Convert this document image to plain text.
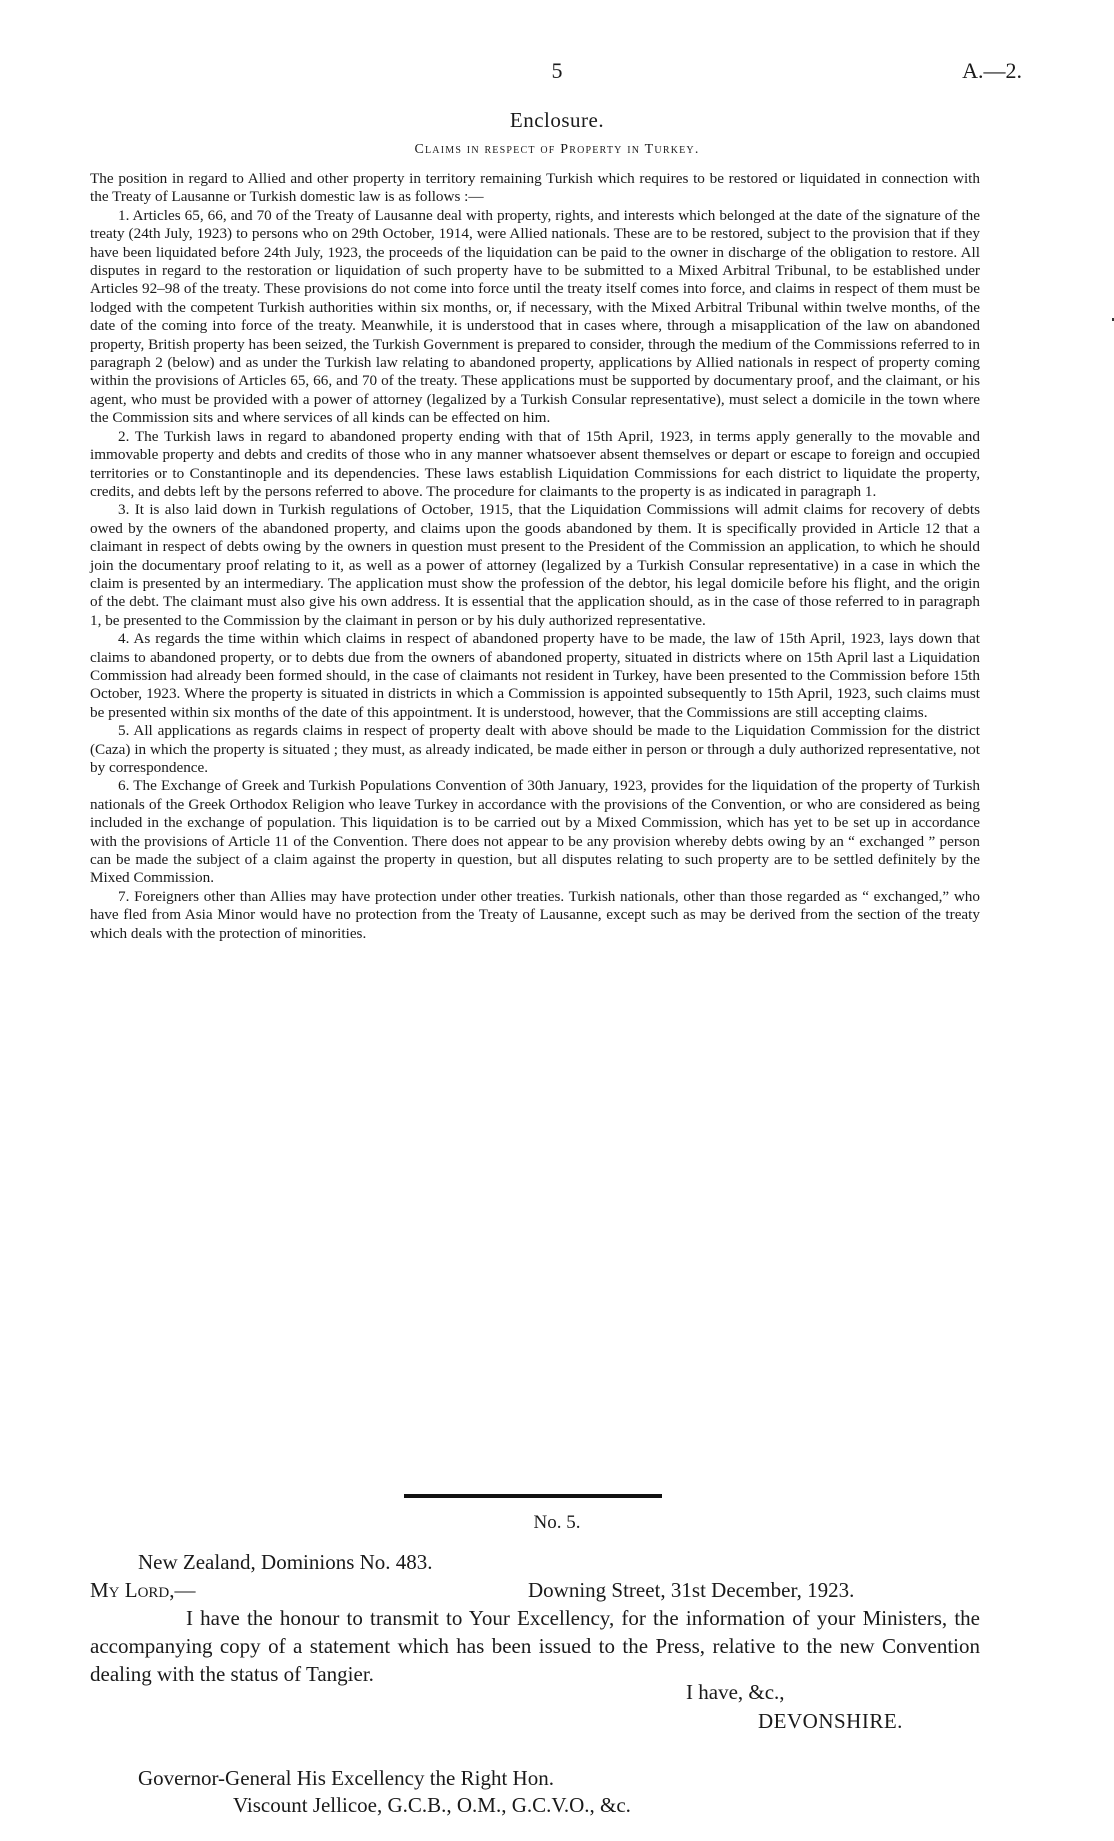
5	A.—2.
Enclosure.
Claims in respect of Property in Turkey.

The position in regard to Allied and other property in territory remaining Turkish which requires to be restored or liquidated in connection with the Treaty of Lausanne or Turkish domestic law is as follows :—

1. Articles 65, 66, and 70 of the Treaty of Lausanne deal with property, rights, and interests which belonged at the date of the signature of the treaty (24th July, 1923) to persons who on 29th October, 1914, were Allied nationals. These are to be restored, subject to the provision that if they have been liquidated before 24th July, 1923, the proceeds of the liquidation can be paid to the owner in discharge of the obligation to restore. All disputes in regard to the restoration or liquidation of such property have to be submitted to a Mixed Arbitral Tribunal, to be established under Articles 92–98 of the treaty. These provisions do not come into force until the treaty itself comes into force, and claims in respect of them must be lodged with the competent Turkish authorities within six months, or, if necessary, with the Mixed Arbitral Tribunal within twelve months, of the date of the coming into force of the treaty. Meanwhile, it is understood that in cases where, through a misapplication of the law on abandoned property, British property has been seized, the Turkish Government is prepared to consider, through the medium of the Commissions referred to in paragraph 2 (below) and as under the Turkish law relating to abandoned property, applications by Allied nationals in respect of property coming within the provisions of Articles 65, 66, and 70 of the treaty. These applications must be supported by documentary proof, and the claimant, or his agent, who must be provided with a power of attorney (legalized by a Turkish Consular representative), must select a domicile in the town where the Commission sits and where services of all kinds can be effected on him.

2. The Turkish laws in regard to abandoned property ending with that of 15th April, 1923, in terms apply generally to the movable and immovable property and debts and credits of those who in any manner whatsoever absent themselves or depart or escape to foreign and occupied territories or to Constantinople and its dependencies. These laws establish Liquidation Commissions for each district to liquidate the property, credits, and debts left by the persons referred to above. The procedure for claimants to the property is as indicated in paragraph 1.

3. It is also laid down in Turkish regulations of October, 1915, that the Liquidation Commissions will admit claims for recovery of debts owed by the owners of the abandoned property, and claims upon the goods abandoned by them. It is specifically provided in Article 12 that a claimant in respect of debts owing by the owners in question must present to the President of the Commission an application, to which he should join the documentary proof relating to it, as well as a power of attorney (legalized by a Turkish Consular representative) in a case in which the claim is presented by an intermediary. The application must show the profession of the debtor, his legal domicile before his flight, and the origin of the debt. The claimant must also give his own address. It is essential that the application should, as in the case of those referred to in paragraph 1, be presented to the Commission by the claimant in person or by his duly authorized representative.

4. As regards the time within which claims in respect of abandoned property have to be made, the law of 15th April, 1923, lays down that claims to abandoned property, or to debts due from the owners of abandoned property, situated in districts where on 15th April last a Liquidation Commission had already been formed should, in the case of claimants not resident in Turkey, have been presented to the Commission before 15th October, 1923. Where the property is situated in districts in which a Commission is appointed subsequently to 15th April, 1923, such claims must be presented within six months of the date of this appointment. It is understood, however, that the Commissions are still accepting claims.

5. All applications as regards claims in respect of property dealt with above should be made to the Liquidation Commission for the district (Caza) in which the property is situated ; they must, as already indicated, be made either in person or through a duly authorized representative, not by correspondence.

6. The Exchange of Greek and Turkish Populations Convention of 30th January, 1923, provides for the liquidation of the property of Turkish nationals of the Greek Orthodox Religion who leave Turkey in accordance with the provisions of the Convention, or who are considered as being included in the exchange of population. This liquidation is to be carried out by a Mixed Commission, which has yet to be set up in accordance with the provisions of Article 11 of the Convention. There does not appear to be any provision whereby debts owing by an “ exchanged ” person can be made the subject of a claim against the property in question, but all disputes relating to such property are to be settled definitely by the Mixed Commission.

7. Foreigners other than Allies may have protection under other treaties. Turkish nationals, other than those regarded as “ exchanged,” who have fled from Asia Minor would have no protection from the Treaty of Lausanne, except such as may be derived from the section of the treaty which deals with the protection of minorities.

No. 5.
New Zealand, Dominions No. 483.
My Lord,—	Downing Street, 31st December, 1923.
I have the honour to transmit to Your Excellency, for the information of your Ministers, the accompanying copy of a statement which has been issued to the Press, relative to the new Convention dealing with the status of Tangier.
I have, &c.,
DEVONSHIRE.
Governor-General His Excellency the Right Hon.
Viscount Jellicoe, G.C.B., O.M., G.C.V.O., &c.
